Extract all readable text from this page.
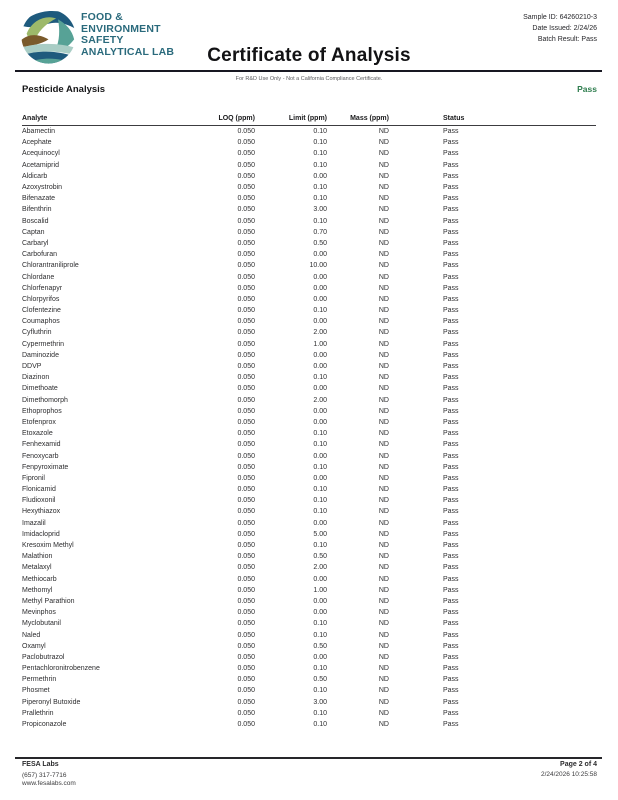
FOOD &
ENVIRONMENT
SAFETY
ANALYTICAL LAB
Sample ID: 64260210-3
Date Issued: 2/24/26
Batch Result: Pass
Certificate of Analysis
For R&D Use Only - Not a California Compliance Certificate.
Pesticide Analysis	Pass
Analyte	LOQ (ppm)	Limit (ppm)	Mass (ppm)	Status
Abamectin	0.050	0.10	ND	Pass
Acephate	0.050	0.10	ND	Pass
Acequinocyl	0.050	0.10	ND	Pass
Acetamiprid	0.050	0.10	ND	Pass
Aldicarb	0.050	0.00	ND	Pass
Azoxystrobin	0.050	0.10	ND	Pass
Bifenazate	0.050	0.10	ND	Pass
Bifenthrin	0.050	3.00	ND	Pass
Boscalid	0.050	0.10	ND	Pass
Captan	0.050	0.70	ND	Pass
Carbaryl	0.050	0.50	ND	Pass
Carbofuran	0.050	0.00	ND	Pass
Chlorantraniliprole	0.050	10.00	ND	Pass
Chlordane	0.050	0.00	ND	Pass
Chlorfenapyr	0.050	0.00	ND	Pass
Chlorpyrifos	0.050	0.00	ND	Pass
Clofentezine	0.050	0.10	ND	Pass
Coumaphos	0.050	0.00	ND	Pass
Cyfluthrin	0.050	2.00	ND	Pass
Cypermethrin	0.050	1.00	ND	Pass
Daminozide	0.050	0.00	ND	Pass
DDVP	0.050	0.00	ND	Pass
Diazinon	0.050	0.10	ND	Pass
Dimethoate	0.050	0.00	ND	Pass
Dimethomorph	0.050	2.00	ND	Pass
Ethoprophos	0.050	0.00	ND	Pass
Etofenprox	0.050	0.00	ND	Pass
Etoxazole	0.050	0.10	ND	Pass
Fenhexamid	0.050	0.10	ND	Pass
Fenoxycarb	0.050	0.00	ND	Pass
Fenpyroximate	0.050	0.10	ND	Pass
Fipronil	0.050	0.00	ND	Pass
Flonicamid	0.050	0.10	ND	Pass
Fludioxonil	0.050	0.10	ND	Pass
Hexythiazox	0.050	0.10	ND	Pass
Imazalil	0.050	0.00	ND	Pass
Imidacloprid	0.050	5.00	ND	Pass
Kresoxim Methyl	0.050	0.10	ND	Pass
Malathion	0.050	0.50	ND	Pass
Metalaxyl	0.050	2.00	ND	Pass
Methiocarb	0.050	0.00	ND	Pass
Methomyl	0.050	1.00	ND	Pass
Methyl Parathion	0.050	0.00	ND	Pass
Mevinphos	0.050	0.00	ND	Pass
Myclobutanil	0.050	0.10	ND	Pass
Naled	0.050	0.10	ND	Pass
Oxamyl	0.050	0.50	ND	Pass
Paclobutrazol	0.050	0.00	ND	Pass
Pentachloronitrobenzene	0.050	0.10	ND	Pass
Permethrin	0.050	0.50	ND	Pass
Phosmet	0.050	0.10	ND	Pass
Piperonyl Butoxide	0.050	3.00	ND	Pass
Prallethrin	0.050	0.10	ND	Pass
Propiconazole	0.050	0.10	ND	Pass
FESA Labs
(657) 317-7716
www.fesalabs.com
Page 2 of 4
2/24/2026 10:25:58
